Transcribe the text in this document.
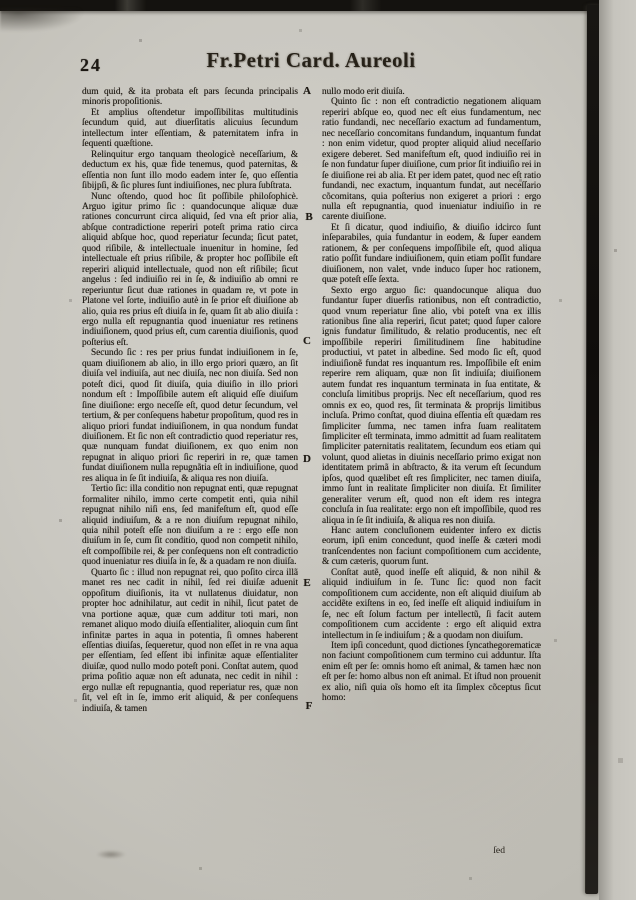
24	Fr.Petri Card. Aureoli
A
B
C
D
E
F

dum quid, & ita probata eſt pars ſecunda principalis minoris propoſitionis.

Et amplius oſtendetur impoſſibilitas multitudinis ſecundum quid, aut diuerſitatis alicuius ſecundum intellectum inter eſſentiam, & paternitatem infra in ſequenti quæſtione.

Relinquitur ergo tanquam theologicè neceſſarium, & deductum ex his, quæ fide tenemus, quod paternitas, & eſſentia non ſunt illo modo eadem inter ſe, quo eſſentia ſibijpſi, & ſic plures ſunt indiuiſiones, nec plura ſubſtrata.

Nunc oſtendo, quod hoc ſit poſſibile philoſophicè. Arguo igitur primo ſic : quandocunque aliquæ duæ rationes concurrunt circa aliquid, ſed vna eſt prior alia, abſque contradictione reperiri poteſt prima ratio circa aliquid abſque hoc, quod reperiatur ſecunda; ſicut patet, quod riſibile, & intellectuale inuenitur in homine, ſed intellectuale eſt prius riſibile, & propter hoc poſſibile eſt reperiri aliquid intellectuale, quod non eſt riſibile; ſicut angelus : ſed indiuiſio rei in ſe, & indiuiſio ab omni re reperiuntur ſicut duæ rationes in quadam re, vt pote in Platone vel ſorte, indiuiſio autè in ſe prior eſt diuiſione ab alio, quia res prius eſt diuiſa in ſe, quam ſit ab alio diuiſa : ergo nulla eſt repugnantia quod inueniatur res retinens indiuiſionem, quod prius eſt, cum carentia diuiſionis, quod poſterius eſt.

Secundo ſic : res per prius fundat indiuiſionem in ſe, quam diuiſionem ab alio, in illo ergo priori quæro, an ſit diuiſa vel indiuiſa, aut nec diuiſa, nec non diuiſa. Sed non poteſt dici, quod ſit diuiſa, quia diuiſio in illo priori nondum eſt : Impoſſibile autem eſt aliquid eſſe diuiſum ſine diuiſione: ergo neceſſe eſt, quod detur ſecundum, vel tertium, & per conſequens habetur propoſitum, quod res in aliquo priori fundat indiuiſionem, in qua nondum fundat diuiſionem. Et ſic non eſt contradictio quod reperiatur res, quæ nunquam fundat diuiſionem, ex quo enim non repugnat in aliquo priori ſic reperiri in re, quæ tamen fundat diuiſionem nulla repugnãtia eſt in indiuiſione, quod res aliqua in ſe ſit indiuiſa, & aliqua res non diuiſa.

Tertio ſic: illa conditio non repugnat enti, quæ repugnat formaliter nihilo, immo certe competit enti, quia nihil repugnat nihilo niſi ens, ſed manifeſtum eſt, quod eſſe aliquid indiuiſum, & a re non diuiſum repugnat nihilo, quia nihil poteſt eſſe non diuiſum a re : ergo eſſe non diuiſum in ſe, cum ſit conditio, quod non competit nihilo, eſt compoſſibile rei, & per conſequens non eſt contradictio quod inueniatur res diuiſa in ſe, & a quadam re non diuiſa.

Quarto ſic : illud non repugnat rei, quo poſito circa illã manet res nec cadit in nihil, ſed rei diuiſæ aduenit oppoſitum diuiſionis, ita vt nullatenus diuidatur, non propter hoc adnihilatur, aut cedit in nihil, ſicut patet de vna portione aquæ, quæ cum additur toti mari, non remanet aliquo modo diuiſa eſſentialiter, alioquin cum ſint infinitæ partes in aqua in potentia, ſi omnes haberent eſſentias diuiſas, ſequeretur, quod non eſſet in re vna aqua per eſſentiam, ſed eſſent ibi infinitæ aquæ eſſentialiter diuiſæ, quod nullo modo poteſt poni. Conſtat autem, quod prima poſitio aquæ non eſt adunata, nec cedit in nihil : ergo nullæ eſt repugnantia, quod reperiatur res, quæ non ſit, vel eſt in ſe, immo erit aliquid, & per conſequens indiuiſa, & tamen

nullo modo erit diuiſa.

Quinto ſic : non eſt contradictio negationem aliquam reperiri abſque eo, quod nec eſt eius fundamentum, nec ratio fundandi, nec neceſſario exactum ad fundamentum, nec neceſſario concomitans fundandum, inquantum fundat : non enim videtur, quod propter aliquid aliud neceſſario exigere deberet. Sed manifeſtum eſt, quod indiuiſio rei in ſe non fundatur ſuper diuiſione, cum prior ſit indiuiſio rei in ſe diuiſione rei ab alia. Et per idem patet, quod nec eſt ratio fundandi, nec exactum, inquantum fundat, aut neceſſario cõcomitans, quia poſterius non exigeret a priori : ergo nulla eſt repugnantia, quod inueniatur indiuiſio in re carente diuiſione.

Et ſi dicatur, quod indiuiſio, & diuiſio idcirco ſunt inſeparabiles, quia fundantur in eodem, & ſuper eandem rationem, & per conſequens impoſſibile eſt, quod aliqua ratio poſſit fundare indiuiſionem, quin etiam poſſit fundare diuiſionem, non valet, vnde induco ſuper hoc rationem, quæ poteſt eſſe ſexta.

Sexto ergo arguo ſic: quandocunque aliqua duo fundantur ſuper diuerſis rationibus, non eſt contradictio, quod vnum reperiatur ſine alio, vbi poteſt vna ex illis rationibus ſine alia reperiri, ſicut patet; quod ſuper calore ignis fundatur ſimilitudo, & relatio producentis, nec eſt impoſſibile reperiri ſimilitudinem ſine habitudine productiui, vt patet in albedine. Sed modo ſic eſt, quod indiuiſionẽ fundat res inquantum res. Impoſſibile eſt enim reperire rem aliquam, quæ non ſit indiuiſa; diuiſionem autem fundat res inquantum terminata in ſua entitate, & concluſa limitibus proprijs. Nec eſt neceſſarium, quod res omnis ex eo, quod res, ſit terminata & proprijs limitibus incluſa. Primo conſtat, quod diuina eſſentia eſt quædam res ſimpliciter ſumma, nec tamen infra ſuam realitatem ſimpliciter eſt terminata, immo admittit ad ſuam realitatem ſimpliciter paternitatis realitatem, ſecundum eos etiam qui volunt, quod alietas in diuinis neceſſario primo exigat non identitatem primã in abſtracto, & ita verum eſt ſecundum ipſos, quod quælibet eſt res ſimpliciter, nec tamen diuiſa, immo ſunt in realitate ſimpliciter non diuiſa. Et ſimiliter generaliter verum eſt, quod non eſt idem res integra concluſa in ſua realitate: ergo non eſt impoſſibile, quod res aliqua in ſe ſit indiuiſa, & aliqua res non diuiſa.

Hanc autem concluſionem euidenter infero ex dictis eorum, ipſi enim concedunt, quod ineſſe & cæteri modi tranſcendentes non faciunt compoſitionem cum accidente, & cum cæteris, quorum ſunt.

Conſtat autẽ, quod ineſſe eſt aliquid, & non nihil & aliquid indiuiſum in ſe. Tunc ſic: quod non facit compoſitionem cum accidente, non eſt aliquid diuiſum ab accidẽte exiſtens in eo, ſed ineſſe eſt aliquid indiuiſum in ſe, nec eſt ſolum factum per intellectũ, ſi facit autem compoſitionem cum accidente : ergo eſt aliquid extra intellectum in ſe indiuiſum ; & a quodam non diuiſum.

Item ipſi concedunt, quod dictiones ſyncathegorematicæ non faciunt compoſitionem cum termino cui adduntur. Iſta enim eſt per ſe: omnis homo eſt animal, & tamen hæc non eſt per ſe: homo albus non eſt animal. Et iſtud non prouenit ex alio, niſi quia oĩs homo eſt ita ſimplex cõceptus ſicut homo:

ſed
